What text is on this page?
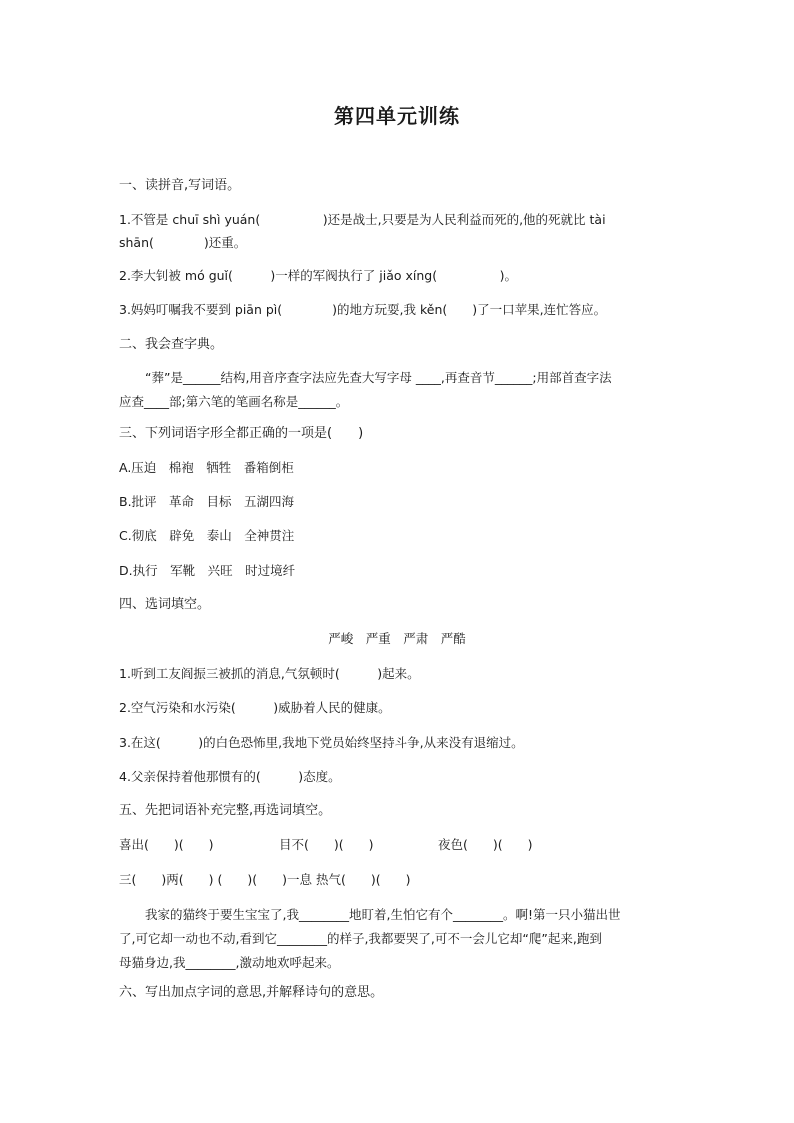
第四单元训练
一、读拼音,写词语。
1.不管是 chuī shì yuán(　　　　　)还是战士,只要是为人民利益而死的,他的死就比 tài
shān(　　　　)还重。
2.李大钊被 mó guǐ(　　　)一样的军阀执行了 jiǎo xíng(　　　　　)。
3.妈妈叮嘱我不要到 piān pì(　　　　)的地方玩耍,我 kěn(　　)了一口苹果,连忙答应。
二、我会查字典。

“葬”是______结构,用音序查字法应先查大写字母 ____,再查音节______;用部首查字法

应查____部;第六笔的笔画名称是______。

三、下列词语字形全都正确的一项是(　　)
A.压迫　棉袍　牺牲　番箱倒柜
B.批评　革命　目标　五湖四海
C.彻底　辟免　泰山　全神贯注
D.执行　军靴　兴旺　时过境纤
四、选词填空。
严峻　严重　严肃　严酷
1.听到工友阎振三被抓的消息,气氛顿时(　　　)起来。
2.空气污染和水污染(　　　)威胁着人民的健康。
3.在这(　　　)的白色恐怖里,我地下党员始终坚持斗争,从来没有退缩过。
4.父亲保持着他那惯有的(　　　)态度。
五、先把词语补充完整,再选词填空。
喜出(　　)(　　)	目不(　　)(　　)	夜色(　　)(　　)
三(　　)两(　　) (　　)(　　)一息 热气(　　)(　　)

我家的猫终于要生宝宝了,我________地盯着,生怕它有个________。啊!第一只小猫出世

了,可它却一动也不动,看到它________的样子,我都要哭了,可不一会儿它却“爬”起来,跑到

母猫身边,我________,激动地欢呼起来。

六、写出加点字词的意思,并解释诗句的意思。
